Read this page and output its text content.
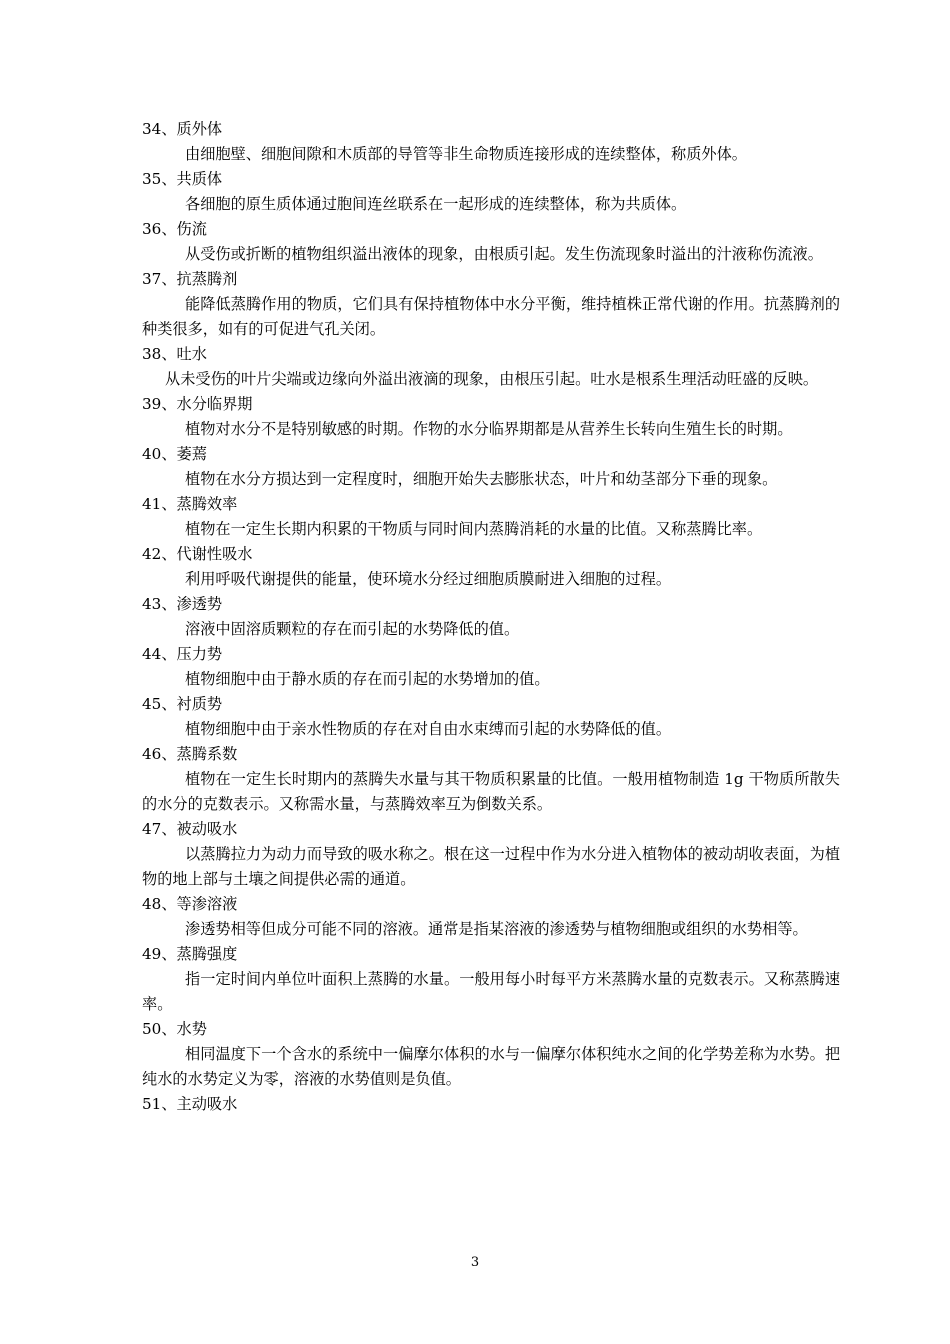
34、质外体
由细胞壁、细胞间隙和木质部的导管等非生命物质连接形成的连续整体，称质外体。
35、共质体
各细胞的原生质体通过胞间连丝联系在一起形成的连续整体，称为共质体。
36、伤流
从受伤或折断的植物组织溢出液体的现象，由根质引起。发生伤流现象时溢出的汁液称伤流液。
37、抗蒸腾剂
能降低蒸腾作用的物质，它们具有保持植物体中水分平衡，维持植株正常代谢的作用。抗蒸腾剂的种类很多，如有的可促进气孔关闭。
38、吐水
从未受伤的叶片尖端或边缘向外溢出液滴的现象，由根压引起。吐水是根系生理活动旺盛的反映。
39、水分临界期
植物对水分不是特别敏感的时期。作物的水分临界期都是从营养生长转向生殖生长的时期。
40、萎蔫
植物在水分方损达到一定程度时，细胞开始失去膨胀状态，叶片和幼茎部分下垂的现象。
41、蒸腾效率
植物在一定生长期内积累的干物质与同时间内蒸腾消耗的水量的比值。又称蒸腾比率。
42、代谢性吸水
利用呼吸代谢提供的能量，使环境水分经过细胞质膜耐进入细胞的过程。
43、渗透势
溶液中固溶质颗粒的存在而引起的水势降低的值。
44、压力势
植物细胞中由于静水质的存在而引起的水势增加的值。
45、衬质势
植物细胞中由于亲水性物质的存在对自由水束缚而引起的水势降低的值。
46、蒸腾系数
植物在一定生长时期内的蒸腾失水量与其干物质积累量的比值。一般用植物制造 1g 干物质所散失的水分的克数表示。又称需水量，与蒸腾效率互为倒数关系。
47、被动吸水
以蒸腾拉力为动力而导致的吸水称之。根在这一过程中作为水分进入植物体的被动胡收表面，为植物的地上部与土壤之间提供必需的通道。
48、等渗溶液
渗透势相等但成分可能不同的溶液。通常是指某溶液的渗透势与植物细胞或组织的水势相等。
49、蒸腾强度
指一定时间内单位叶面积上蒸腾的水量。一般用每小时每平方米蒸腾水量的克数表示。又称蒸腾速率。
50、水势
相同温度下一个含水的系统中一偏摩尔体积的水与一偏摩尔体积纯水之间的化学势差称为水势。把纯水的水势定义为零，溶液的水势值则是负值。
51、主动吸水
3
